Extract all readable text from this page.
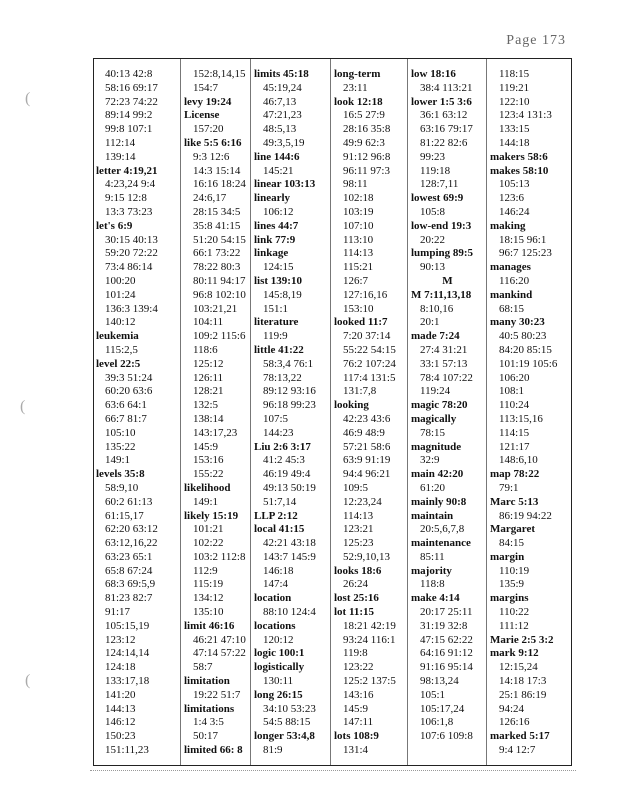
Page 173
(
(
(
40:13 42:8
58:16 69:17
72:23 74:22
89:14 99:2
99:8 107:1
112:14
139:14
letter 4:19,21
4:23,24 9:4
9:15 12:8
13:3 73:23
let's 6:9
30:15 40:13
59:20 72:22
73:4 86:14
100:20
101:24
136:3 139:4
140:12
leukemia
115:2,5
level 22:5
39:3 51:24
60:20 63:6
63:6 64:1
66:7 81:7
105:10
135:22
149:1
levels 35:8
58:9,10
60:2 61:13
61:15,17
62:20 63:12
63:12,16,22
63:23 65:1
65:8 67:24
68:3 69:5,9
81:23 82:7
91:17
105:15,19
123:12
124:14,14
124:18
133:17,18
141:20
144:13
146:12
150:23
151:11,23
152:8,14,15
154:7
levy 19:24
License
157:20
like 5:5 6:16
9:3 12:6
14:3 15:14
16:16 18:24
24:6,17
28:15 34:5
35:8 41:15
51:20 54:15
66:1 73:22
78:22 80:3
80:11 94:17
96:8 102:10
103:21,21
104:11
109:2 115:6
118:6
125:12
126:11
128:21
132:5
138:14
143:17,23
145:9
153:16
155:22
likelihood
149:1
likely 15:19
101:21
102:22
103:2 112:8
112:9
115:19
134:12
135:10
limit 46:16
46:21 47:10
47:14 57:22
58:7
limitation
19:22 51:7
limitations
1:4 3:5
50:17
limited 66: 8
limits 45:18
45:19,24
46:7,13
47:21,23
48:5,13
49:3,5,19
line 144:6
145:21
linear 103:13
linearly
106:12
lines 44:7
link 77:9
linkage
124:15
list 139:10
145:8,19
151:1
literature
119:9
little 41:22
58:3,4 76:1
78:13,22
89:12 93:16
96:18 99:23
107:5
144:23
Liu 2:6 3:17
41:2 45:3
46:19 49:4
49:13 50:19
51:7,14
LLP 2:12
local 41:15
42:21 43:18
143:7 145:9
146:18
147:4
location
88:10 124:4
locations
120:12
logic 100:1
logistically
130:11
long 26:15
34:10 53:23
54:5 88:15
longer 53:4,8
81:9
long-term
23:11
look 12:18
16:5 27:9
28:16 35:8
49:9 62:3
91:12 96:8
96:11 97:3
98:11
102:18
103:19
107:10
113:10
114:13
115:21
126:7
127:16,16
153:10
looked 11:7
7:20 37:14
55:22 54:15
76:2 107:24
117:4 131:5
131:7,8
looking
42:23 43:6
46:9 48:9
57:21 58:6
63:9 91:19
94:4 96:21
109:5
12:23,24
114:13
123:21
125:23
52:9,10,13
looks 18:6
26:24
lost 25:16
lot 11:15
18:21 42:19
93:24 116:1
119:8
123:22
125:2 137:5
143:16
145:9
147:11
lots 108:9
131:4
low 18:16
38:4 113:21
lower 1:5 3:6
36:1 63:12
63:16 79:17
81:22 82:6
99:23
119:18
128:7,11
lowest 69:9
105:8
low-end 19:3
20:22
lumping 89:5
90:13
M
M 7:11,13,18
8:10,16
20:1
made 7:24
27:4 31:21
33:1 57:13
78:4 107:22
119:24
magic 78:20
magically
78:15
magnitude
32:9
main 42:20
61:20
mainly 90:8
maintain
20:5,6,7,8
maintenance
85:11
majority
118:8
make 4:14
20:17 25:11
31:19 32:8
47:15 62:22
64:16 91:12
91:16 95:14
98:13,24
105:1
105:17,24
106:1,8
107:6 109:8
118:15
119:21
122:10
123:4 131:3
133:15
144:18
makers 58:6
makes 58:10
105:13
123:6
146:24
making
18:15 96:1
96:7 125:23
manages
116:20
mankind
68:15
many 30:23
40:5 80:23
84:20 85:15
101:19 105:6
106:20
108:1
110:24
113:15,16
114:15
121:17
148:6,10
map 78:22
79:1
Marc 5:13
86:19 94:22
Margaret
84:15
margin
110:19
135:9
margins
110:22
111:12
Marie 2:5 3:2
mark 9:12
12:15,24
14:18 17:3
25:1 86:19
94:24
126:16
marked 5:17
9:4 12:7
